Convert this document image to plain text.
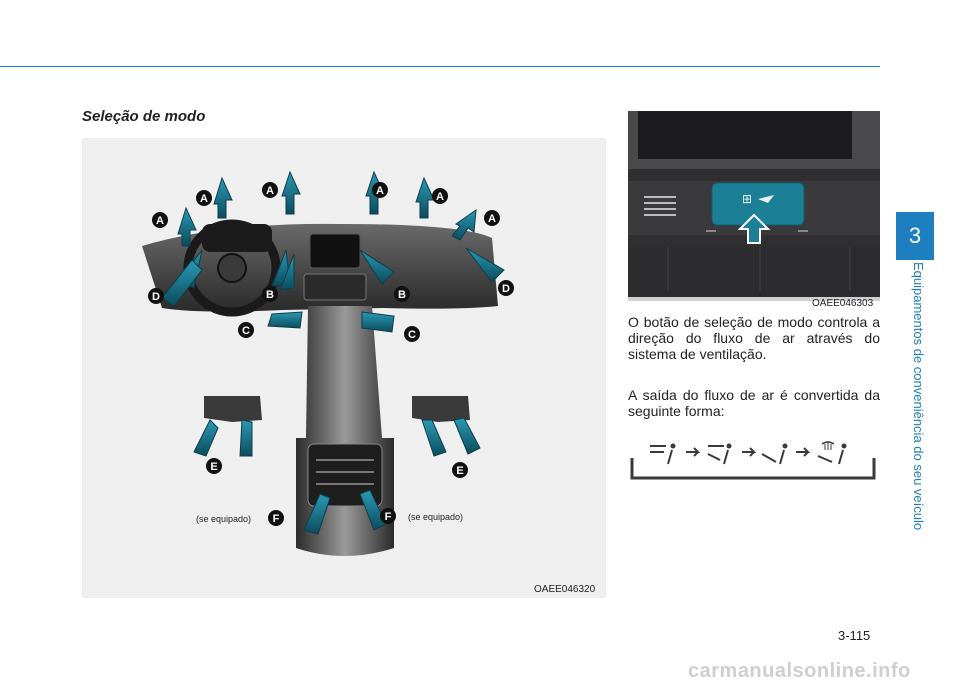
Seleção de modo
A
A
A	A	A
A
B	B
C	C
D
D
E	E
F	F
(se equipado)	(se equipado)
OAEE046320
⊞
OAEE046303

O botão de seleção de modo controla a direção do fluxo de ar através do sistema de ventilação.

A saída do fluxo de ar é convertida da seguinte forma:

3
Equipamentos de conveniência do seu veículo
3-115
carmanualsonline.info
